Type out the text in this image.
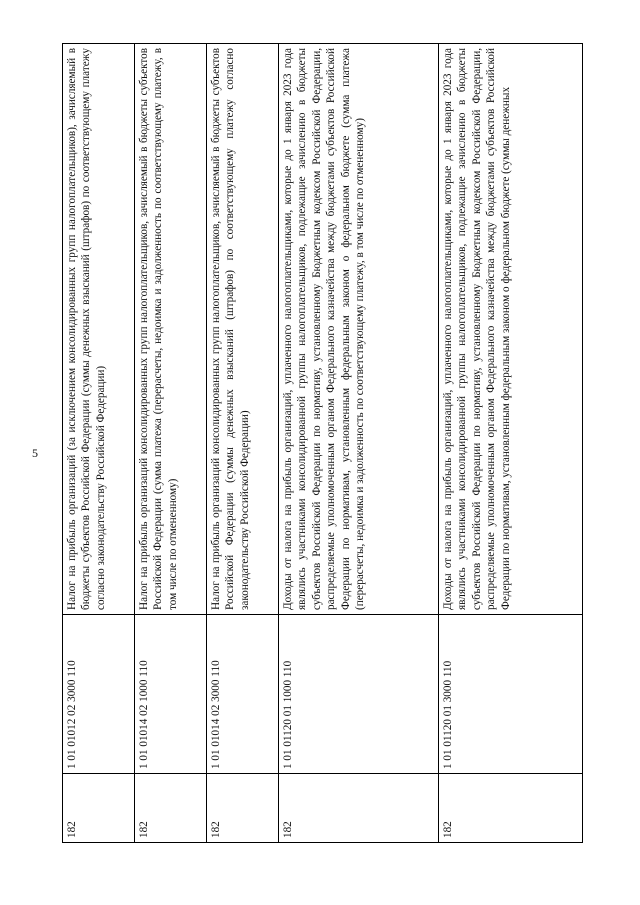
5
182	1 01 01012 02 3000 110	Налог на прибыль организаций (за исключением консолидированных групп налогоплательщиков), зачисляемый в бюджеты субъектов Российской Федерации (суммы денежных взысканий (штрафов) по соответствующему платежу согласно законодательству Российской Федерации)
182	1 01 01014 02 1000 110	Налог на прибыль организаций консолидированных групп налогоплательщиков, зачисляемый в бюджеты субъектов Российской Федерации (сумма платежа (перерасчеты, недоимка и задолженность по соответствующему платежу, в том числе по отмененному)
182	1 01 01014 02 3000 110	Налог на прибыль организаций консолидированных групп налогоплательщиков, зачисляемый в бюджеты субъектов Российской Федерации (суммы денежных взысканий (штрафов) по соответствующему платежу согласно законодательству Российской Федерации)
182	1 01 01120 01 1000 110	Доходы от налога на прибыль организаций, уплаченного налогоплательщиками, которые до 1 января 2023 года являлись участниками консолидированной группы налогоплательщиков, подлежащие зачислению в бюджеты субъектов Российской Федерации по нормативу, установленному Бюджетным кодексом Российской Федерации, распределяемые уполномоченным органом Федерального казначейства между бюджетами субъектов Российской Федерации по нормативам, установленным федеральным законом о федеральном бюджете (сумма платежа (перерасчеты, недоимка и задолженность по соответствующему платежу, в том числе по отмененному)
182	1 01 01120 01 3000 110	Доходы от налога на прибыль организаций, уплаченного налогоплательщиками, которые до 1 января 2023 года являлись участниками консолидированной группы налогоплательщиков, подлежащие зачислению в бюджеты субъектов Российской Федерации по нормативу, установленному Бюджетным кодексом Российской Федерации, распределяемые уполномоченным органом Федерального казначейства между бюджетами субъектов Российской Федерации по нормативам, установленным федеральным законом о федеральном бюджете (суммы денежных
